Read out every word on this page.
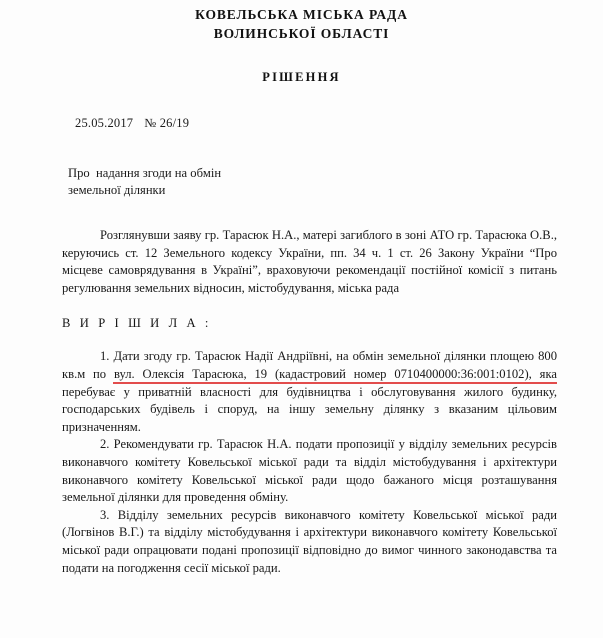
КОВЕЛЬСЬКА МІСЬКА РАДА
ВОЛИНСЬКОЇ ОБЛАСТІ
РІШЕННЯ
25.05.2017 № 26/19
Про  надання згоди на обмін
земельної ділянки

Розглянувши заяву гр. Тарасюк Н.А., матері загиблого в зоні АТО гр. Тарасюка О.В., керуючись ст. 12 Земельного кодексу України, пп. 34 ч. 1 ст. 26 Закону України “Про місцеве самоврядування в Україні”, враховуючи рекомендації постійної комісії з питань регулювання земельних відносин, містобудування, міська рада

В И Р І Ш И Л А :

1. Дати згоду гр. Тарасюк Надії Андріївні, на обмін земельної ділянки площею 800 кв.м по вул. Олексія Тарасюка, 19 (кадастровий номер 0710400000:36:001:0102), яка перебуває у приватній власності для будівництва і обслуговування жилого будинку, господарських будівель і споруд, на іншу земельну ділянку з вказаним цільовим призначенням.

2. Рекомендувати гр. Тарасюк Н.А. подати пропозиції у відділу земельних ресурсів виконавчого комітету Ковельської міської ради та відділ містобудування і архітектури виконавчого комітету Ковельської міської ради щодо бажаного місця розташування земельної ділянки для проведення обміну.

3. Відділу земельних ресурсів виконавчого комітету Ковельської міської ради (Логвінов В.Г.) та відділу містобудування і архітектури виконавчого комітету Ковельської міської ради опрацювати подані пропозиції відповідно до вимог чинного законодавства та подати на погодження сесії міської ради.
